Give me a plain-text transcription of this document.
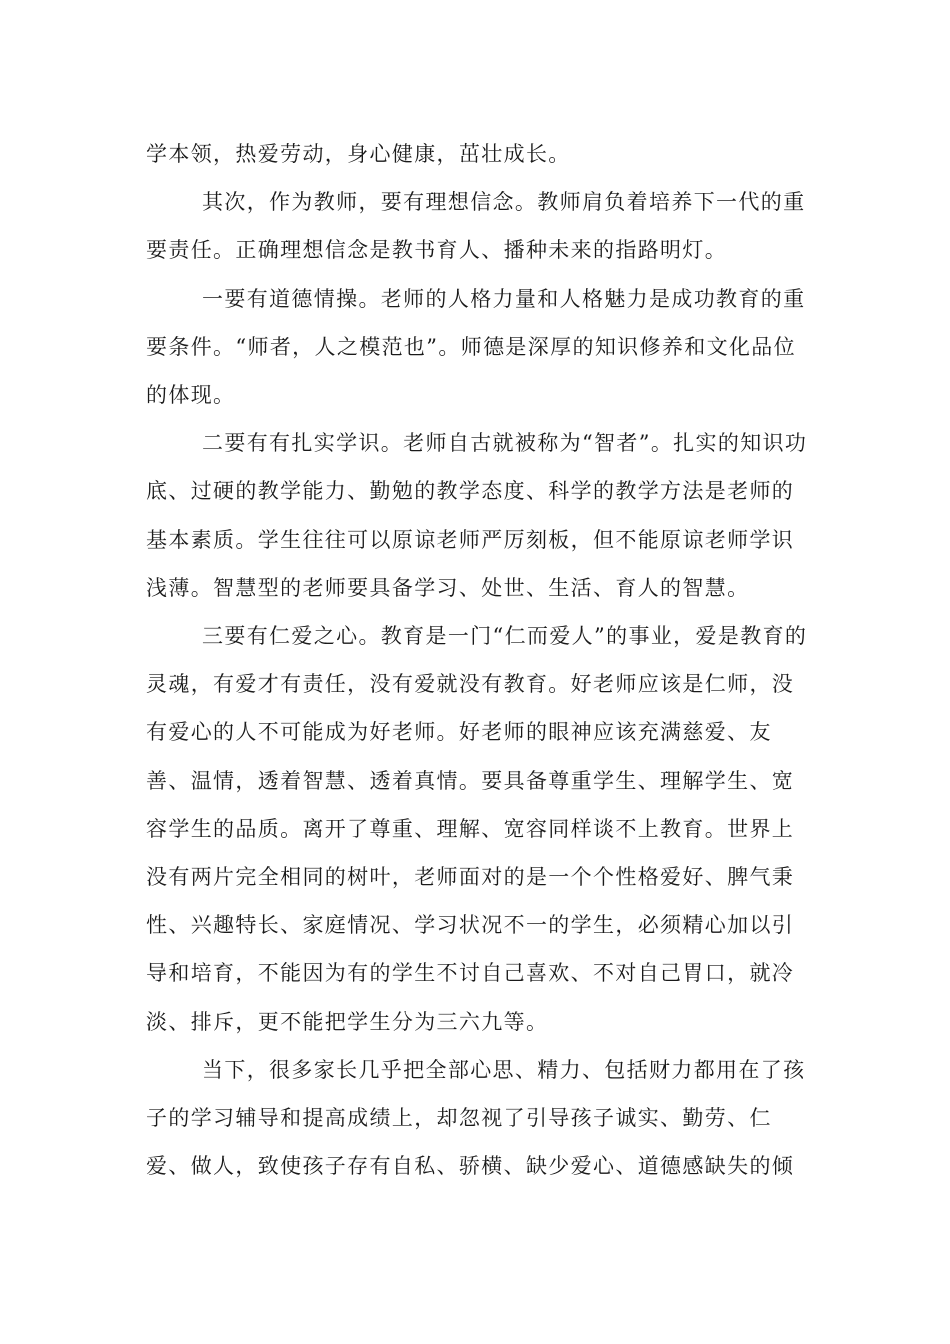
学本领，热爱劳动，身心健康，茁壮成长。

其次，作为教师，要有理想信念。教师肩负着培养下一代的重要责任。正确理想信念是教书育人、播种未来的指路明灯。

一要有道德情操。老师的人格力量和人格魅力是成功教育的重要条件。“师者，人之模范也”。师德是深厚的知识修养和文化品位的体现。

二要有有扎实学识。老师自古就被称为“智者”。扎实的知识功底、过硬的教学能力、勤勉的教学态度、科学的教学方法是老师的基本素质。学生往往可以原谅老师严厉刻板，但不能原谅老师学识浅薄。智慧型的老师要具备学习、处世、生活、育人的智慧。

三要有仁爱之心。教育是一门“仁而爱人”的事业，爱是教育的灵魂，有爱才有责任，没有爱就没有教育。好老师应该是仁师，没有爱心的人不可能成为好老师。好老师的眼神应该充满慈爱、友善、温情，透着智慧、透着真情。要具备尊重学生、理解学生、宽容学生的品质。离开了尊重、理解、宽容同样谈不上教育。世界上没有两片完全相同的树叶，老师面对的是一个个性格爱好、脾气秉性、兴趣特长、家庭情况、学习状况不一的学生，必须精心加以引导和培育，不能因为有的学生不讨自己喜欢、不对自己胃口，就冷淡、排斥，更不能把学生分为三六九等。

当下，很多家长几乎把全部心思、精力、包括财力都用在了孩子的学习辅导和提高成绩上，却忽视了引导孩子诚实、勤劳、仁爱、做人，致使孩子存有自私、骄横、缺少爱心、道德感缺失的倾
